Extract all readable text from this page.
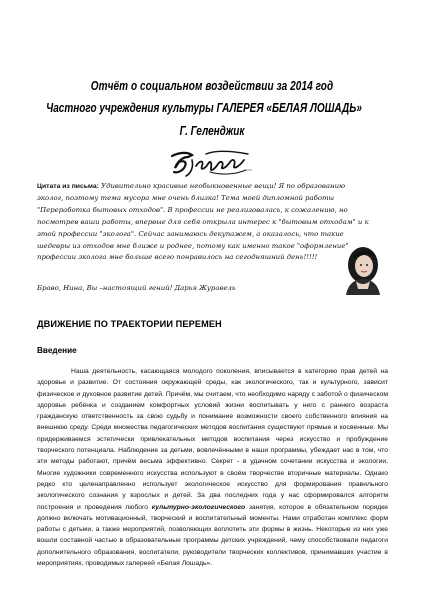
Отчёт о социальном воздействии за 2014 год
Частного учреждения культуры ГАЛЕРЕЯ «БЕЛАЯ ЛОШАДЬ»
Г. Геленджик
Цитата из письма: Удивительно красивые необыкновенные вещи! Я по образованию эколог, поэтому тема мусора мне очень близка! Тема моей дипломной работы "Переработка бытовых отходов". В профессии не реализовалась, к сожалению, но посмотрев ваши работы, впервые для себя открыла интерес к "бытовым отходам" и к этой профессии "эколога". Сейчас занимаюсь декупажем, а оказалось, что такие шедевры из отходов мне ближе и роднее, потому как именно такое "оформление" профессии эколога мне больше всего понравилось на сегодняшний день!!!!!
Браво, Нина, Вы –настоящий гений! Дарья Журавель
ДВИЖЕНИЕ ПО ТРАЕКТОРИИ ПЕРЕМЕН
Введение

Наша деятельность, касающаяся молодого поколения, вписывается в категорию прав детей на здоровье и развитие. От состояния окружающей среды, как экологического, так и культурного, зависит физическое и духовное развитие детей. Причём, мы считаем, что необходимо наряду с заботой о физическом здоровье ребёнка и созданием комфортных условий жизни воспитывать у него с раннего возраста гражданскую ответственность за свою судьбу и понимание возможности своего собственного влияния на внешнюю среду. Среди множества педагогических методов воспитания существуют прямые и косвенные. Мы придерживаемся эстетически привлекательных методов воспитания через искусство и пробуждение творческого потенциала. Наблюдение за детьми, вовлечёнными в наши программы, убеждает нас в том, что эти методы работают, причём весьма эффективно. Секрет - в удачном сочетании искусства и экологии. Многие художники современного искусства используют в своём творчестве вторичные материалы. Однако редко кто целенаправленно использует экологическое искусство для формирования правильного экологического сознания у взрослых и детей. За два последних года у нас сформировался алгоритм построения и проведения любого культурно-экологического занятия, которое в обязательном порядке должно включать мотивационный, творческий и воспитательный моменты. Нами отработан комплекс форм работы с детьми, а также мероприятий, позволяющих воплотить эти формы в жизнь. Некоторые из них уже вошли составной частью в образовательные программы детских учреждений, чему способствовали педагоги дополнительного образования, воспитатели, руководители творческих коллективов, принимавших участие в мероприятиях, проводимых галереей «Белая Лошадь».
